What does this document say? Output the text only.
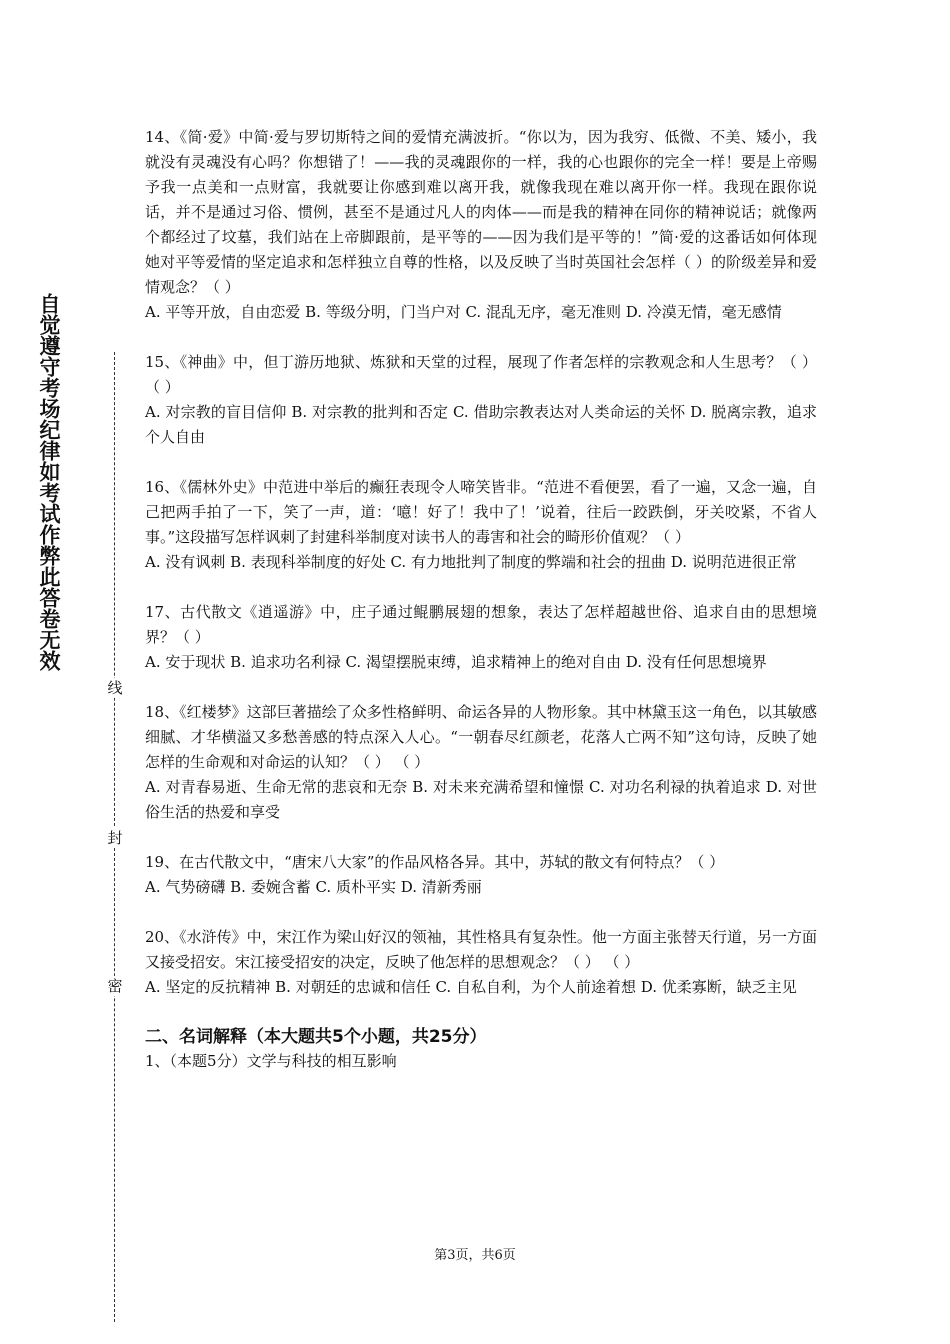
自觉遵守考场纪律如考试作弊此答卷无效
线
封
密
14、《简·爱》中简·爱与罗切斯特之间的爱情充满波折。“你以为，因为我穷、低微、不美、矮小，我就没有灵魂没有心吗？你想错了！——我的灵魂跟你的一样，我的心也跟你的完全一样！要是上帝赐予我一点美和一点财富，我就要让你感到难以离开我，就像我现在难以离开你一样。我现在跟你说话，并不是通过习俗、惯例，甚至不是通过凡人的肉体——而是我的精神在同你的精神说话；就像两个都经过了坟墓，我们站在上帝脚跟前，是平等的——因为我们是平等的！”简·爱的这番话如何体现她对平等爱情的坚定追求和怎样独立自尊的性格，以及反映了当时英国社会怎样（ ）的阶级差异和爱情观念？（ ）
A. 平等开放，自由恋爱 B. 等级分明，门当户对 C. 混乱无序，毫无准则 D. 冷漠无情，毫无感情
15、《神曲》中，但丁游历地狱、炼狱和天堂的过程，展现了作者怎样的宗教观念和人生思考？（ ） （ ）
A. 对宗教的盲目信仰 B. 对宗教的批判和否定 C. 借助宗教表达对人类命运的关怀 D. 脱离宗教，追求个人自由
16、《儒林外史》中范进中举后的癫狂表现令人啼笑皆非。“范进不看便罢，看了一遍，又念一遍，自己把两手拍了一下，笑了一声，道：‘噫！好了！我中了！’说着，往后一跤跌倒，牙关咬紧，不省人事。”这段描写怎样讽刺了封建科举制度对读书人的毒害和社会的畸形价值观？（ ）
A. 没有讽刺 B. 表现科举制度的好处 C. 有力地批判了制度的弊端和社会的扭曲 D. 说明范进很正常
17、古代散文《逍遥游》中，庄子通过鲲鹏展翅的想象，表达了怎样超越世俗、追求自由的思想境界？（ ）
A. 安于现状 B. 追求功名利禄 C. 渴望摆脱束缚，追求精神上的绝对自由 D. 没有任何思想境界
18、《红楼梦》这部巨著描绘了众多性格鲜明、命运各异的人物形象。其中林黛玉这一角色，以其敏感细腻、才华横溢又多愁善感的特点深入人心。“一朝春尽红颜老，花落人亡两不知”这句诗，反映了她怎样的生命观和对命运的认知？（ ） （ ）
A. 对青春易逝、生命无常的悲哀和无奈 B. 对未来充满希望和憧憬 C. 对功名利禄的执着追求 D. 对世俗生活的热爱和享受
19、在古代散文中，“唐宋八大家”的作品风格各异。其中，苏轼的散文有何特点？（ ）
A. 气势磅礴 B. 委婉含蓄 C. 质朴平实 D. 清新秀丽
20、《水浒传》中，宋江作为梁山好汉的领袖，其性格具有复杂性。他一方面主张替天行道，另一方面又接受招安。宋江接受招安的决定，反映了他怎样的思想观念？（ ） （ ）
A. 坚定的反抗精神 B. 对朝廷的忠诚和信任 C. 自私自利，为个人前途着想 D. 优柔寡断，缺乏主见
二、名词解释（本大题共5个小题，共25分）
1、（本题5分）文学与科技的相互影响
第3页，共6页
